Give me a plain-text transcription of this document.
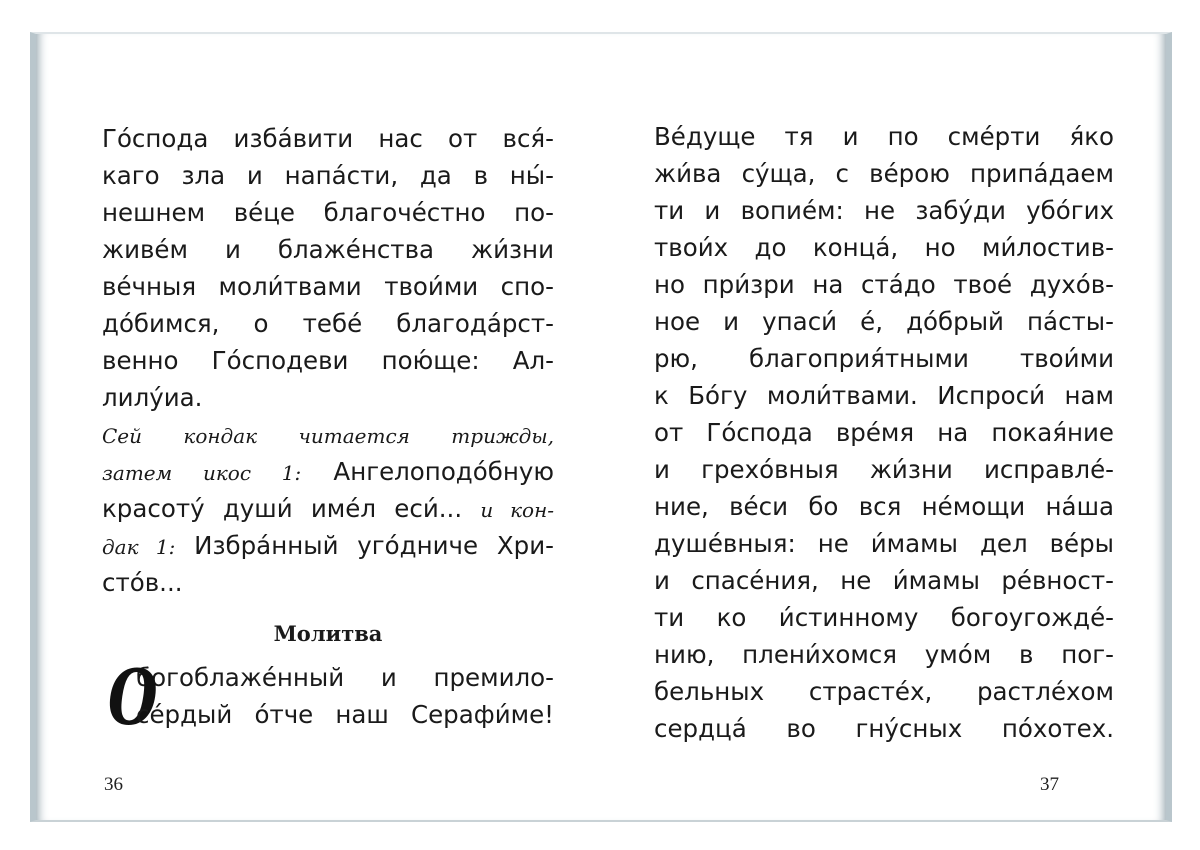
Го́спода изба́вити нас от вся́-
каго зла и напа́сти, да в ны́-
нешнем ве́це благоче́стно по-
живе́м и блаже́нства жи́зни
ве́чныя моли́твами твои́ми спо-
до́бимся, о тебе́ благода́рст-
венно Го́сподеви пою́ще: Ал-
лилу́иа.
Сей кондак читается трижды,
затем икос 1: Ангелоподо́бную
красоту́ души́ име́л еси́... и кон-
дак 1: Избра́нный уго́дниче Хри-
сто́в...
Молитва
О
богоблаже́нный и премило-
се́рдый о́тче наш Серафи́ме!
36
Ве́дуще тя и по сме́рти я́ко
жи́ва су́ща, с ве́рою припа́даем
ти и вопие́м: не забу́ди убо́гих
твои́х до конца́, но ми́лостив-
но при́зри на ста́до твое́ духо́в-
ное и упаси́ е́, до́брый па́сты-
рю, благоприя́тными твои́ми
к Бо́гу моли́твами. Испроси́ нам
от Го́спода вре́мя на покая́ние
и грехо́вныя жи́зни исправле́-
ние, ве́си бо вся не́мощи на́ша
душе́вныя: не и́мамы дел ве́ры
и спасе́ния, не и́мамы ре́вност-
ти ко и́стинному богоугожде́-
нию, плени́хомся умо́м в пог-
бельных страсте́х, растле́хом
сердца́ во гну́сных по́хотех.
37
